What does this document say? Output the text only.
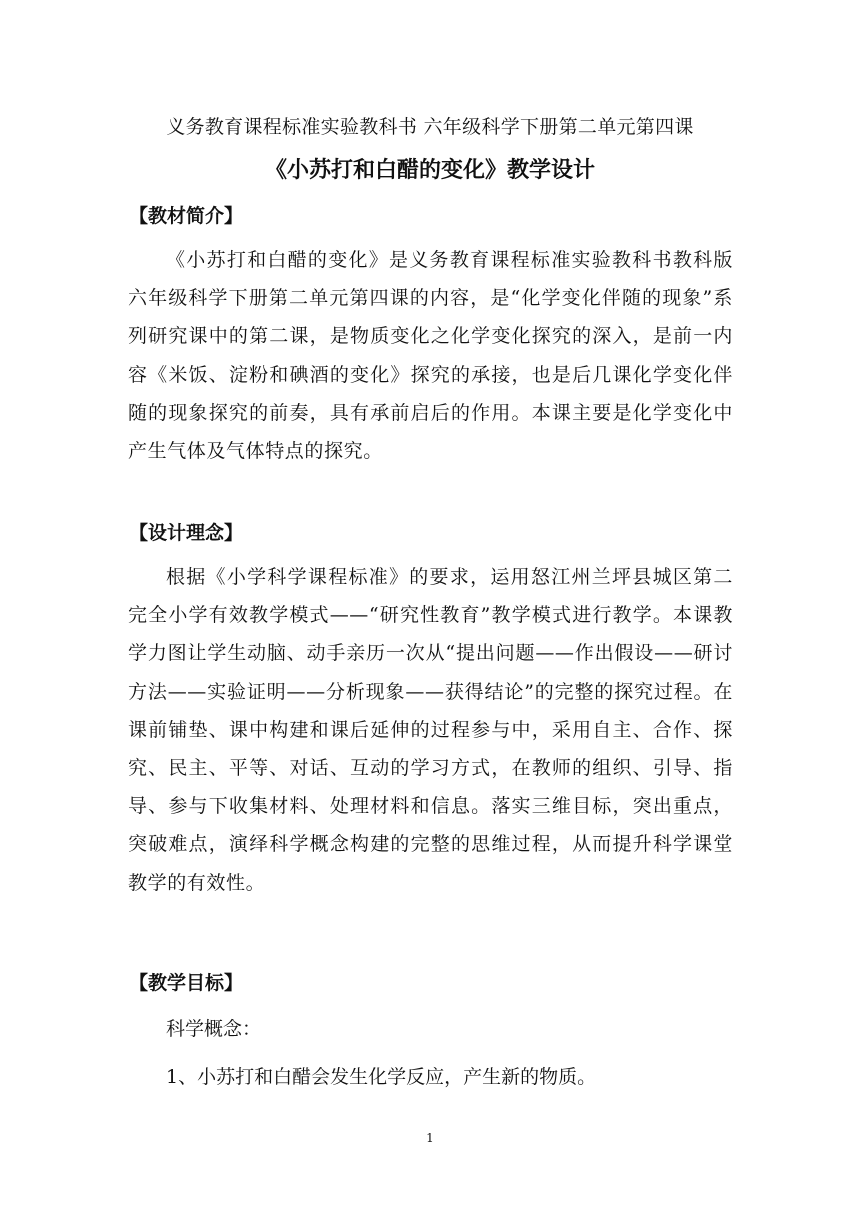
义务教育课程标准实验教科书 六年级科学下册第二单元第四课
《小苏打和白醋的变化》教学设计
【教材简介】

《小苏打和白醋的变化》是义务教育课程标准实验教科书教科版六年级科学下册第二单元第四课的内容，是“化学变化伴随的现象”系列研究课中的第二课，是物质变化之化学变化探究的深入，是前一内容《米饭、淀粉和碘酒的变化》探究的承接，也是后几课化学变化伴随的现象探究的前奏，具有承前启后的作用。本课主要是化学变化中产生气体及气体特点的探究。

【设计理念】

根据《小学科学课程标准》的要求，运用怒江州兰坪县城区第二完全小学有效教学模式——“研究性教育”教学模式进行教学。本课教学力图让学生动脑、动手亲历一次从“提出问题——作出假设——研讨方法——实验证明——分析现象——获得结论”的完整的探究过程。在课前铺垫、课中构建和课后延伸的过程参与中，采用自主、合作、探究、民主、平等、对话、互动的学习方式，在教师的组织、引导、指导、参与下收集材料、处理材料和信息。落实三维目标，突出重点，突破难点，演绎科学概念构建的完整的思维过程，从而提升科学课堂教学的有效性。

【教学目标】
科学概念：
1、小苏打和白醋会发生化学反应，产生新的物质。
1
